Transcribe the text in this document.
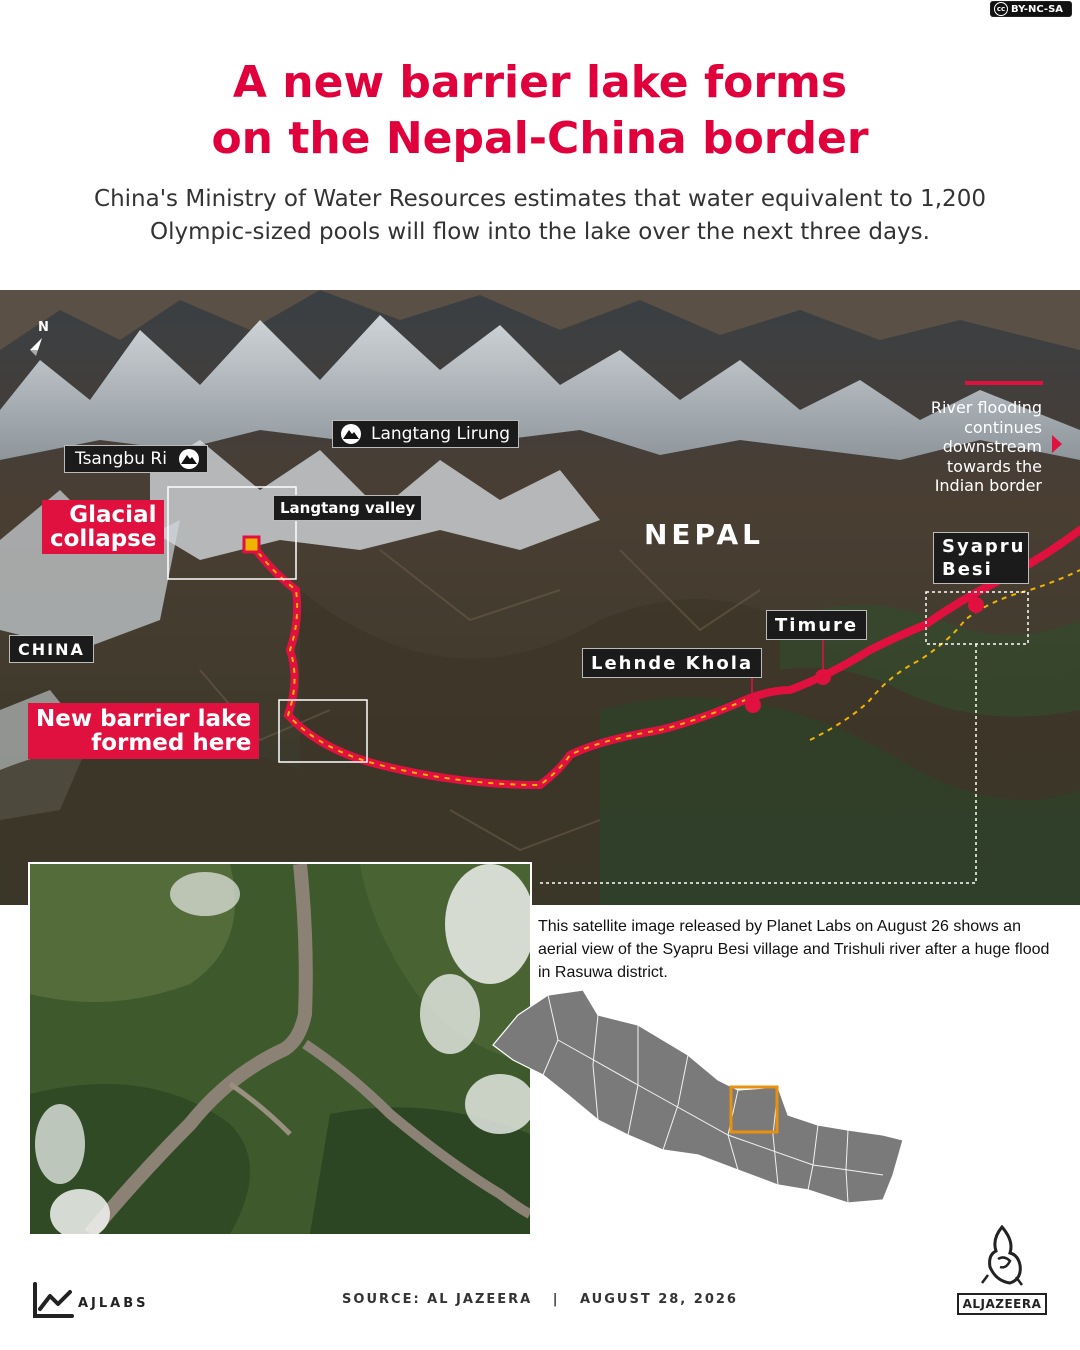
cc BY-NC-SA
A new barrier lake forms
on the Nepal-China border
China's Ministry of Water Resources estimates that water equivalent to 1,200
Olympic-sized pools will flow into the lake over the next three days.
N
Langtang Lirung
Tsangbu Ri
Glacial
collapse
Langtang valley
NEPAL
CHINA
New barrier lake
formed here
Syapru
Besi
Timure
Lehnde Khola
River flooding
continues
downstream
towards the
Indian border
This satellite image released by Planet Labs on August 26 shows an aerial view of the Syapru Besi village and Trishuli river after a huge flood in Rasuwa district.
AJLABS	SOURCE: AL JAZEERA | AUGUST 28, 2026	ALJAZEERA
